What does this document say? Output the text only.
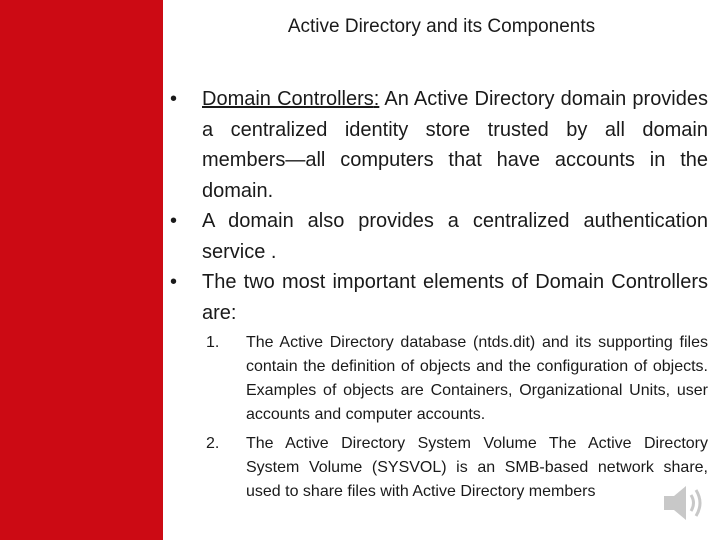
Active Directory and its Components
• Domain Controllers: An Active Directory domain provides a centralized identity store trusted by all domain members—all computers that have accounts in the domain.
• A domain also provides a centralized authentication service .
• The two most important elements of Domain Controllers are:
1. The Active Directory database (ntds.dit) and its supporting files contain the definition of objects and the configuration of objects. Examples of objects are Containers, Organizational Units, user accounts and computer accounts.
2. The Active Directory System Volume The Active Directory System Volume (SYSVOL) is an SMB-based network share, used to share files with Active Directory members
